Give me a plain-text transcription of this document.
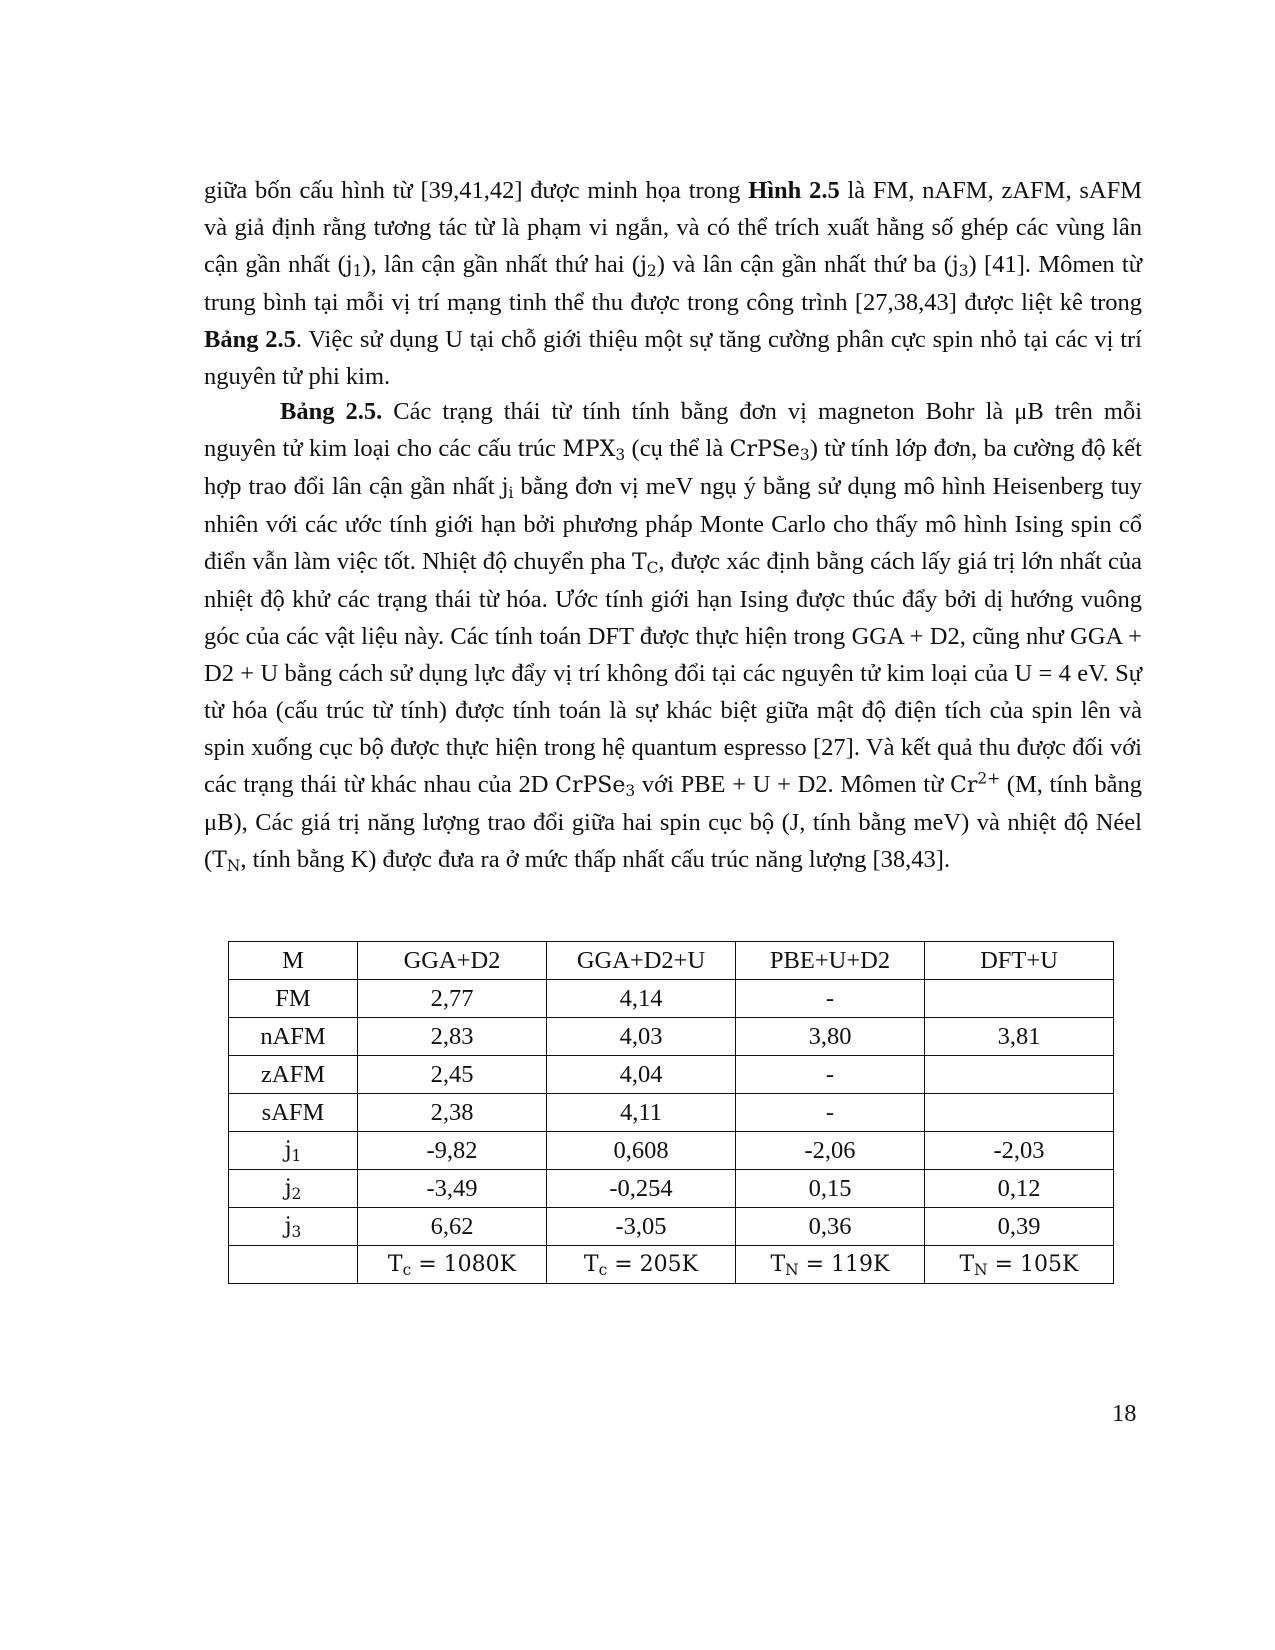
giữa bốn cấu hình từ [39,41,42] được minh họa trong Hình 2.5 là FM, nAFM, zAFM, sAFM và giả định rằng tương tác từ là phạm vi ngắn, và có thể trích xuất hằng số ghép các vùng lân cận gần nhất $(j_1)$, lân cận gần nhất thứ hai $(j_2)$ và lân cận gần nhất thứ ba $(j_3)$ [41]. Mômen từ trung bình tại mỗi vị trí mạng tinh thể thu được trong công trình [27,38,43] được liệt kê trong Bảng 2.5. Việc sử dụng U tại chỗ giới thiệu một sự tăng cường phân cực spin nhỏ tại các vị trí nguyên tử phi kim.

Bảng 2.5. Các trạng thái từ tính tính bằng đơn vị magneton Bohr là μB trên mỗi nguyên tử kim loại cho các cấu trúc $MPX_3$ (cụ thể là CrPSe$_3$) từ tính lớp đơn, ba cường độ kết hợp trao đổi lân cận gần nhất $j_i$ bằng đơn vị meV ngụ ý bằng sử dụng mô hình Heisenberg tuy nhiên với các ước tính giới hạn bởi phương pháp Monte Carlo cho thấy mô hình Ising spin cổ điển vẫn làm việc tốt. Nhiệt độ chuyển pha $T_C$, được xác định bằng cách lấy giá trị lớn nhất của nhiệt độ khử các trạng thái từ hóa. Ước tính giới hạn Ising được thúc đẩy bởi dị hướng vuông góc của các vật liệu này. Các tính toán DFT được thực hiện trong GGA + D2, cũng như GGA + D2 + U bằng cách sử dụng lực đẩy vị trí không đổi tại các nguyên tử kim loại của U = 4 eV. Sự từ hóa (cấu trúc từ tính) được tính toán là sự khác biệt giữa mật độ điện tích của spin lên và spin xuống cục bộ được thực hiện trong hệ quantum espresso [27]. Và kết quả thu được đối với các trạng thái từ khác nhau của 2D CrPSe$_3$ với PBE + U + D2. Mômen từ $Cr^{2+}$ (M, tính bằng μB), Các giá trị năng lượng trao đổi giữa hai spin cục bộ (J, tính bằng meV) và nhiệt độ Néel ($T_N$, tính bằng K) được đưa ra ở mức thấp nhất cấu trúc năng lượng [38,43].

M	GGA+D2	GGA+D2+U	PBE+U+D2	DFT+U
FM	2,77	4,14	-	
nAFM	2,83	4,03	3,80	3,81
zAFM	2,45	4,04	-	
sAFM	2,38	4,11	-	
$j_1$	-9,82	0,608	-2,06	-2,03
$j_2$	-3,49	-0,254	0,15	0,12
$j_3$	6,62	-3,05	0,36	0,39
	$T_c = 1080K$	$T_c = 205K$	$T_N = 119K$	$T_N = 105K$
18
